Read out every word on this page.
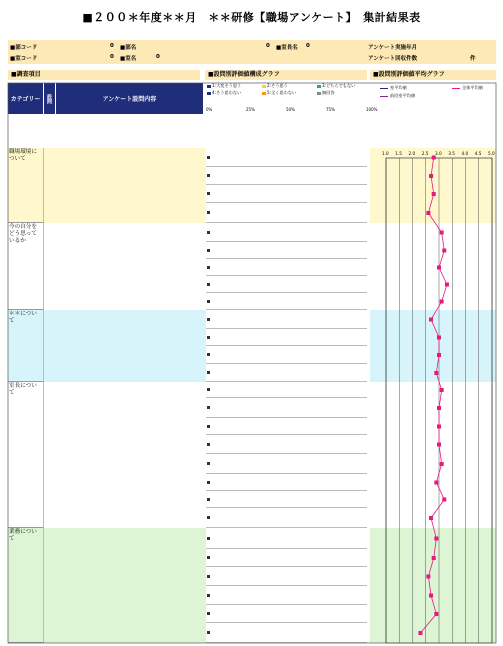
■２００＊年度＊＊月　＊＊研修【職場アンケート】　集計結果表
■部コード	0 ■部名	0 ■室長名 0	アンケート実施年月
■室コード	0 ■室名	0	アンケート回収件数	件
■調査項目	■設問別評価値構成グラフ	■設問別評価値平均グラフ
カテゴリー	設問	アンケート設問内容
1:大変そう思う	2:そう思う	3:どちらでもない
4:そう思わない	5:全く思わない	無回答
室平均値	全体平均値
前回室平均値
0%	25%	50%	75%	100%
職場環境について
今の自分をどう思っているか
＊＊について
室長について
業務について
1.0 1.5 2.0 2.5 3.0 3.5 4.0 4.5 5.0
